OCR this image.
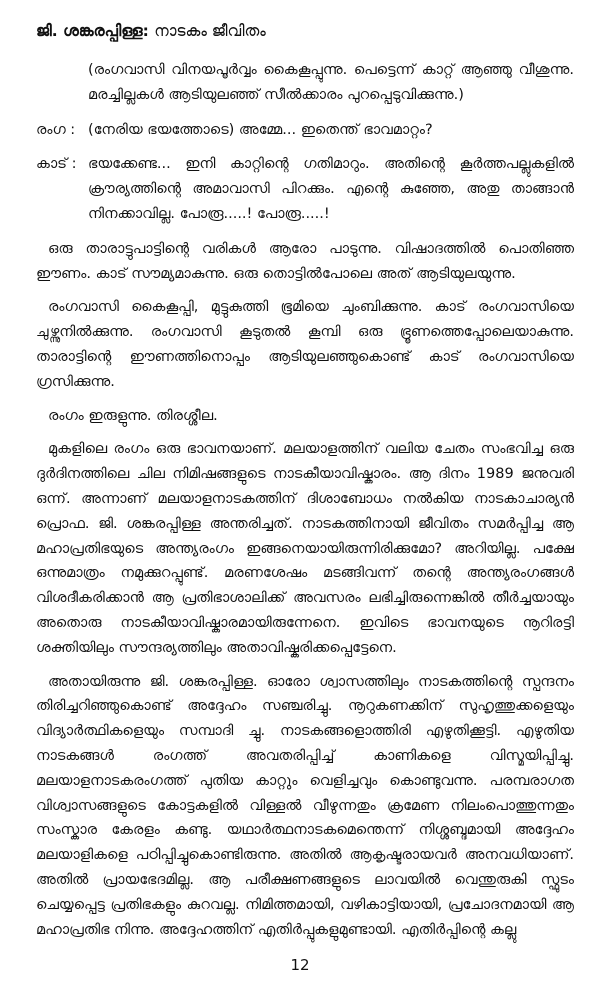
ജി. ശങ്കരപ്പിള്ള: നാടകം ജീവിതം

(രംഗവാസി വിനയപൂർവ്വം കൈകൂപ്പുന്നു. പെട്ടെന്ന് കാറ്റ് ആഞ്ഞു വീശുന്നു. മരച്ചില്ലകൾ ആടിയുലഞ്ഞ് സീൽക്കാരം പുറപ്പെടുവിക്കുന്നു.)

രംഗ : (നേരിയ ഭയത്തോടെ) അമ്മേ... ഇതെന്ത് ഭാവമാറ്റം?

കാട് : ഭയക്കേണ്ട... ഇനി കാറ്റിന്റെ ഗതിമാറും. അതിന്റെ കൂർത്തപല്ലുകളിൽ ക്രൗര്യത്തിന്റെ അമാവാസി പിറക്കും. എന്റെ കുഞ്ഞേ, അതു താങ്ങാൻ നിനക്കാവില്ല. പോരൂ.....! പോരൂ.....!

ഒരു താരാട്ടുപാട്ടിന്റെ വരികൾ ആരോ പാടുന്നു. വിഷാദത്തിൽ പൊതിഞ്ഞ ഈണം. കാട് സൗമ്യമാകുന്നു. ഒരു തൊട്ടിൽപോലെ അത് ആടിയുലയുന്നു.

രംഗവാസി കൈകൂപ്പി, മുട്ടുകുത്തി ഭൂമിയെ ചുംബിക്കുന്നു. കാട് രംഗവാസിയെ ചുഴ്ന്നുനിൽക്കുന്നു. രംഗവാസി കൂടുതൽ കൂമ്പി ഒരു ഭ്രൂണത്തെപ്പോലെയാകുന്നു. താരാട്ടിന്റെ ഈണത്തിനൊപ്പം ആടിയുലഞ്ഞുകൊണ്ട് കാട് രംഗവാസിയെ ഗ്രസിക്കുന്നു.

രംഗം ഇരുളുന്നു. തിരശ്ശീല.

മുകളിലെ രംഗം ഒരു ഭാവനയാണ്. മലയാളത്തിന് വലിയ ചേതം സംഭവിച്ച ഒരു ദുർദിനത്തിലെ ചില നിമിഷങ്ങളുടെ നാടകീയാവിഷ്കാരം. ആ ദിനം 1989 ജനുവരി ഒന്ന്. അന്നാണ് മലയാളനാടകത്തിന് ദിശാബോധം നൽകിയ നാടകാചാര്യൻ പ്രൊഫ. ജി. ശങ്കരപ്പിള്ള അന്തരിച്ചത്. നാടകത്തിനായി ജീവിതം സമർപ്പിച്ച ആ മഹാപ്രതിഭയുടെ അന്ത്യരംഗം ഇങ്ങനെയായിരുന്നിരിക്കുമോ? അറിയില്ല. പക്ഷേ ഒന്നുമാത്രം നമുക്കുറപ്പുണ്ട്. മരണശേഷം മടങ്ങിവന്ന് തന്റെ അന്ത്യരംഗങ്ങൾ വിശദീകരിക്കാൻ ആ പ്രതിഭാശാലിക്ക് അവസരം ലഭിച്ചിരുന്നെങ്കിൽ തീർച്ചയായും അതൊരു നാടകീയാവിഷ്കാരമായിരുന്നേനെ. ഇവിടെ ഭാവനയുടെ നൂറിരട്ടി ശക്തിയിലും സൗന്ദര്യത്തിലും അതാവിഷ്കരിക്കപ്പെട്ടേനെ.

അതായിരുന്നു ജി. ശങ്കരപ്പിള്ള. ഓരോ ശ്വാസത്തിലും നാടകത്തിന്റെ സ്പന്ദനം തിരിച്ചറിഞ്ഞുകൊണ്ട് അദ്ദേഹം സഞ്ചരിച്ചു. നൂറുകണക്കിന് സുഹൃത്തുക്കളെയും വിദ്യാർത്ഥികളെയും സമ്പാദി ച്ചു. നാടകങ്ങളൊത്തിരി എഴുതിക്കൂട്ടി. എഴുതിയ നാടകങ്ങൾ രംഗത്ത് അവതരിപ്പിച്ച് കാണികളെ വിസ്മയിപ്പിച്ചു. മലയാളനാടകരംഗത്ത് പുതിയ കാറ്റും വെളിച്ചവും കൊണ്ടുവന്നു. പരമ്പരാഗത വിശ്വാസങ്ങളുടെ കോട്ടകളിൽ വിള്ളൽ വീഴുന്നതും ക്രമേണ നിലംപൊത്തുന്നതും സംസ്കാര കേരളം കണ്ടു. യഥാർത്ഥനാടകമെന്തെന്ന് നിശ്ശബ്ദമായി അദ്ദേഹം മലയാളികളെ പഠിപ്പിച്ചുകൊണ്ടിരുന്നു. അതിൽ ആകൃഷ്ടരായവർ അനവധിയാണ്. അതിൽ പ്രായഭേദമില്ല. ആ പരീക്ഷണങ്ങളുടെ ലാവയിൽ വെന്തുരുകി സ്ഫുടം ചെയ്യപ്പെട്ട പ്രതിഭകളും കുറവല്ല. നിമിത്തമായി, വഴികാട്ടിയായി, പ്രചോദനമായി ആ മഹാപ്രതിഭ നിന്നു. അദ്ദേഹത്തിന് എതിർപ്പുകളുമുണ്ടായി. എതിർപ്പിന്റെ കല്ലു

12
